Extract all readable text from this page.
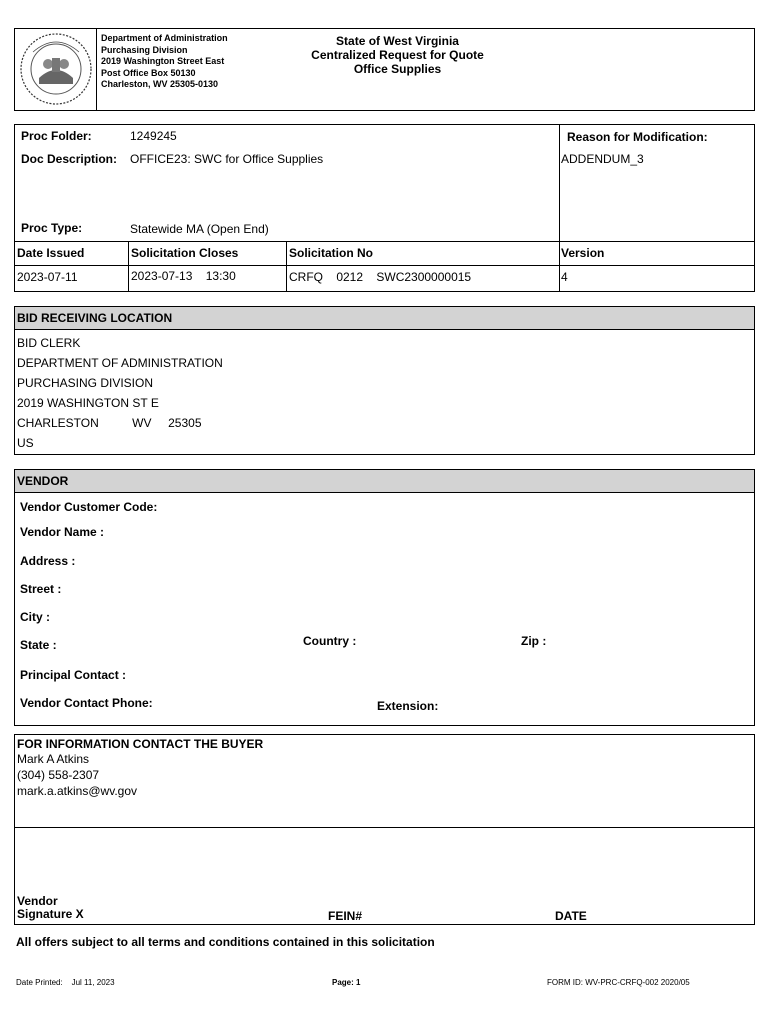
Department of Administration
Purchasing Division
2019 Washington Street East
Post Office Box 50130
Charleston, WV 25305-0130
State of West Virginia
Centralized Request for Quote
Office Supplies
Proc Folder:	1249245
Doc Description: OFFICE23: SWC for Office Supplies
Proc Type:	Statewide MA (Open End)
Reason for Modification:
ADDENDUM_3
Date Issued	Solicitation Closes	Solicitation No	Version
2023-07-11	2023-07-13    13:30	CRFQ    0212    SWC2300000015	4
BID RECEIVING LOCATION
BID CLERK
DEPARTMENT OF ADMINISTRATION
PURCHASING DIVISION
2019 WASHINGTON ST E
CHARLESTON          WV     25305
US
VENDOR
Vendor Customer Code:
Vendor Name :
Address :
Street :
City :
State :	Country :	Zip :
Principal Contact :
Vendor Contact Phone:	Extension:
FOR INFORMATION CONTACT THE BUYER
Mark A Atkins
(304) 558-2307
mark.a.atkins@wv.gov
Vendor
Signature X	FEIN#	DATE
All offers subject to all terms and conditions contained in this solicitation
Date Printed:    Jul 11, 2023	Page: 1	FORM ID: WV-PRC-CRFQ-002 2020/05
